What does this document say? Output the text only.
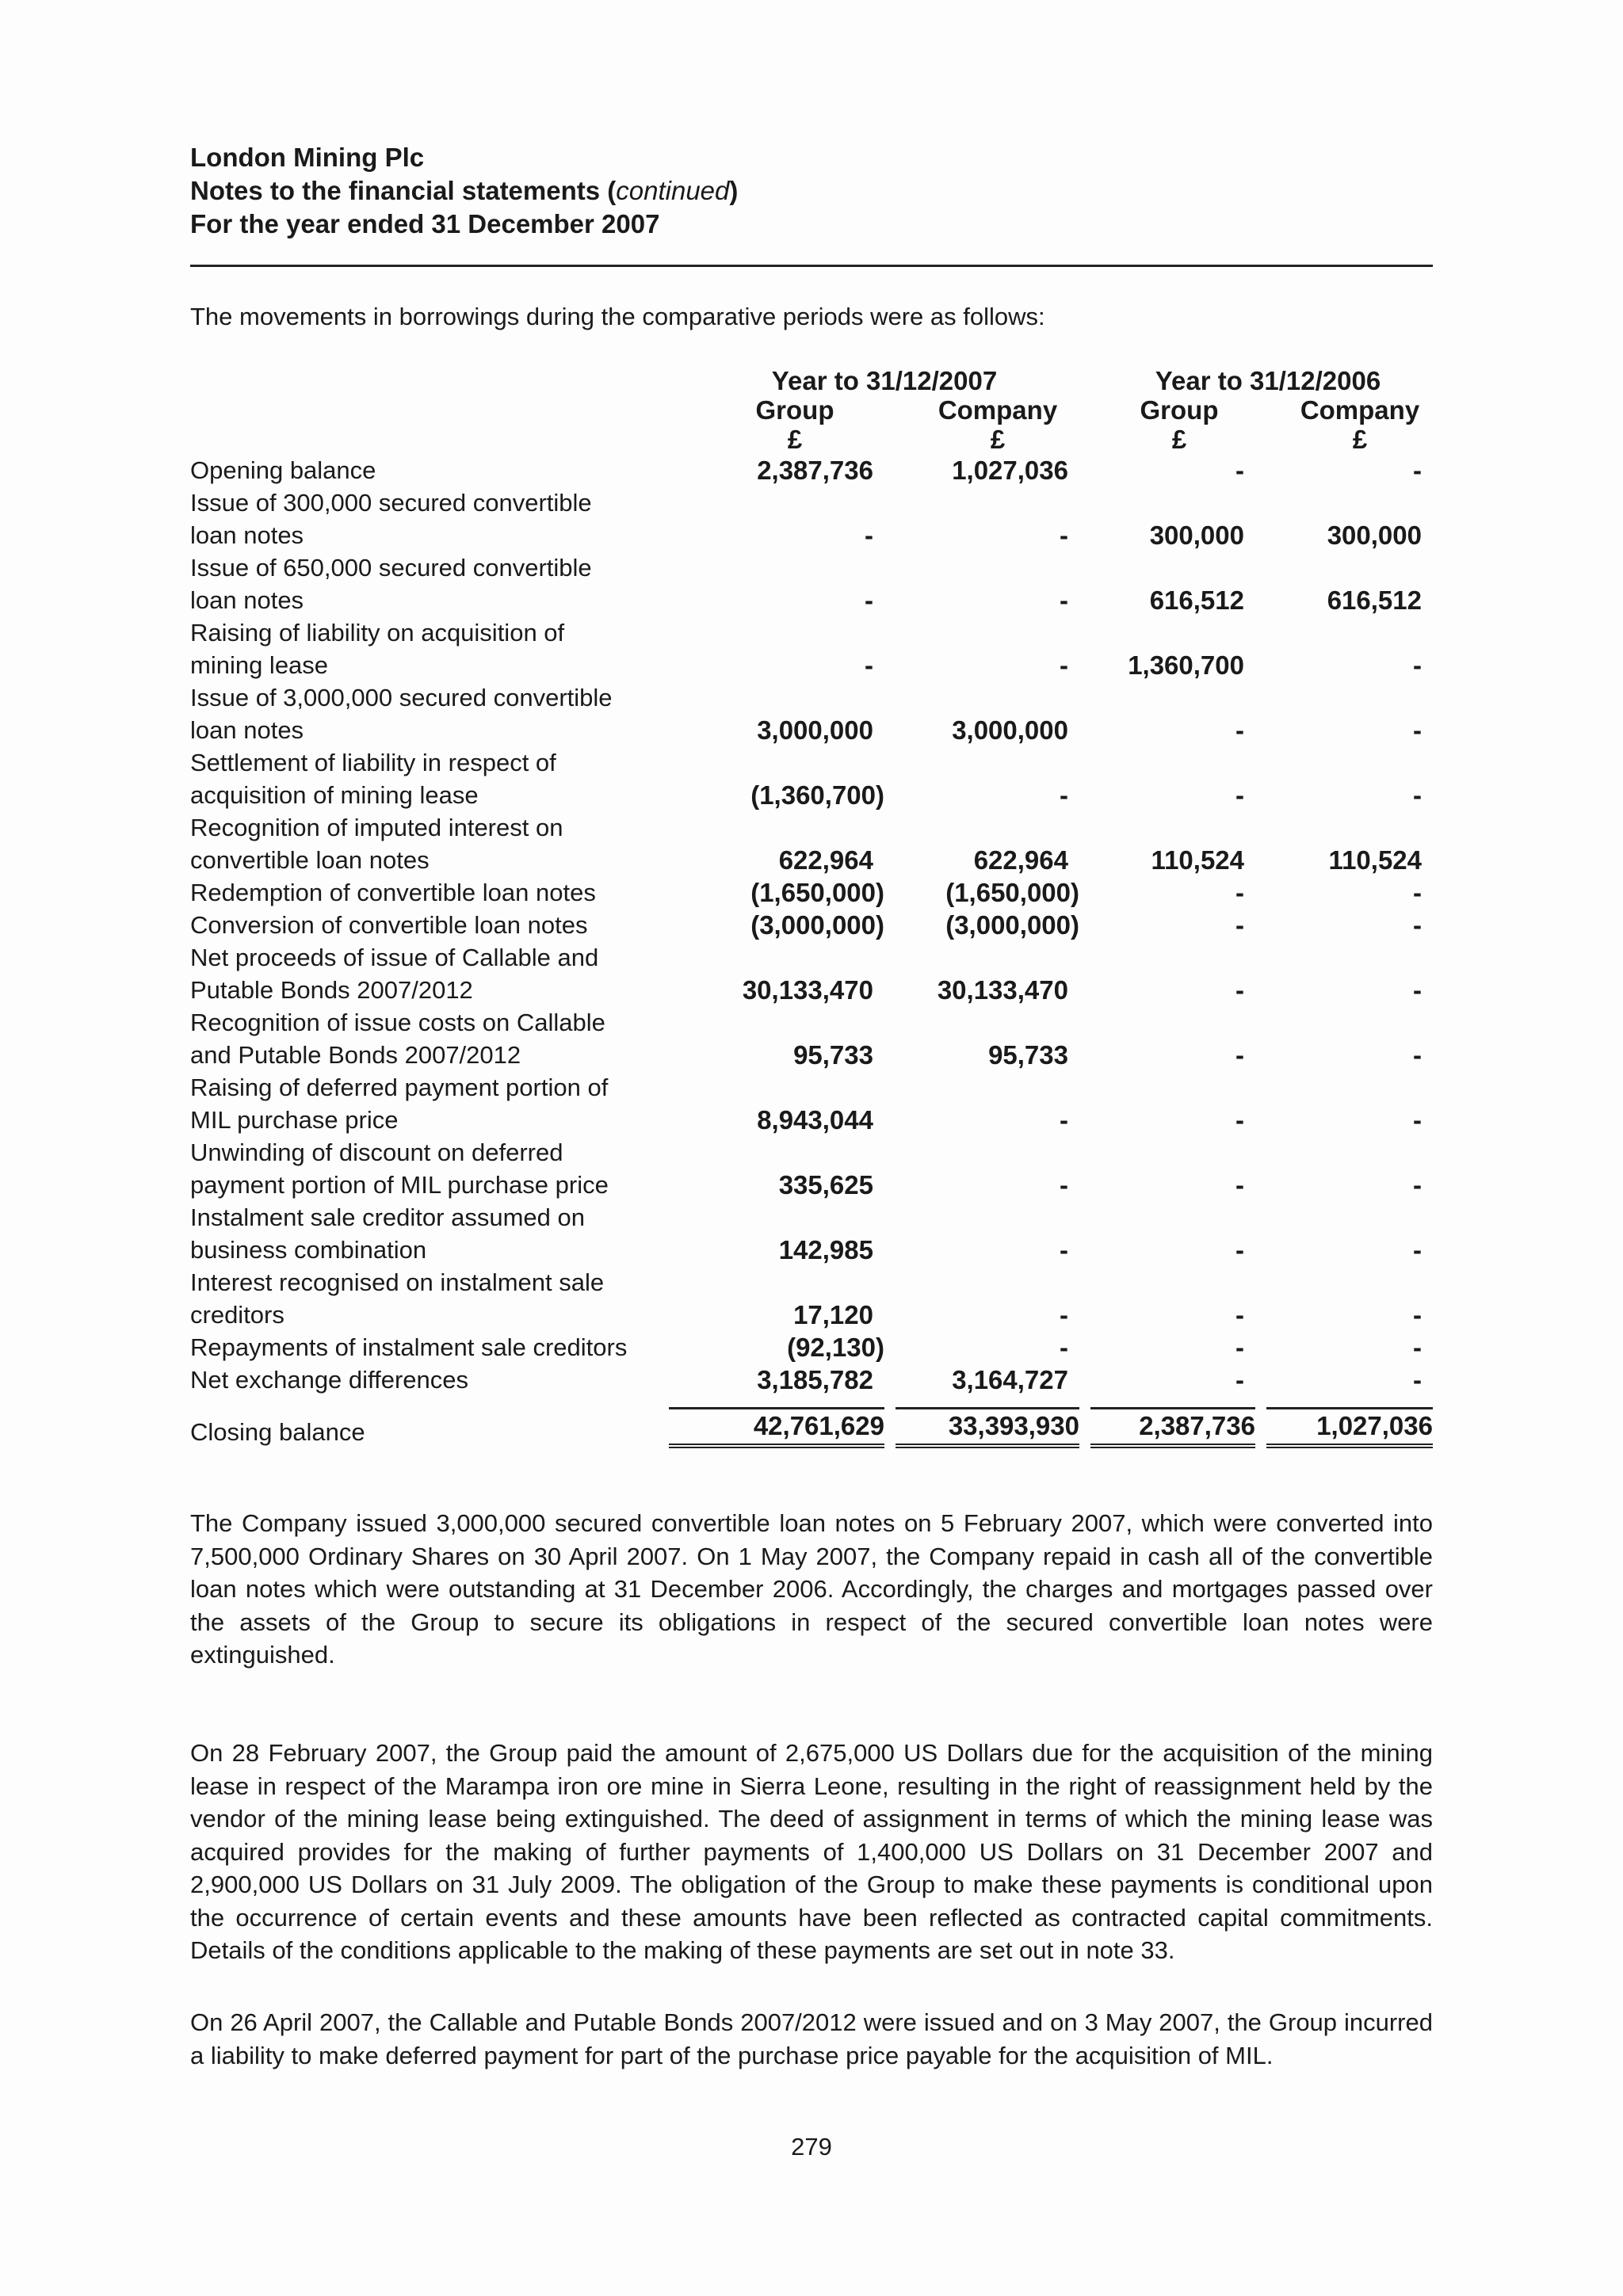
London Mining Plc
Notes to the financial statements (continued)
For the year ended 31 December 2007
The movements in borrowings during the comparative periods were as follows:
	Year to 31/12/2007		Year to 31/12/2006	
	Group	Company	Group	Company
	£	£	£	£
Opening balance	2,387,736	1,027,036	-	-
Issue of 300,000 secured convertible
loan notes	-	-	300,000	300,000
Issue of 650,000 secured convertible
loan notes	-	-	616,512	616,512
Raising of liability on acquisition of
mining lease	-	-	1,360,700	-
Issue of 3,000,000 secured convertible
loan notes	3,000,000	3,000,000	-	-
Settlement of liability in respect of
acquisition of mining lease	(1,360,700)	-	-	-
Recognition of imputed interest on
convertible loan notes	622,964	622,964	110,524	110,524
Redemption of convertible loan notes	(1,650,000)	(1,650,000)	-	-
Conversion of convertible loan notes	(3,000,000)	(3,000,000)	-	-
Net proceeds of issue of Callable and
Putable Bonds 2007/2012	30,133,470	30,133,470	-	-
Recognition of issue costs on Callable
and Putable Bonds 2007/2012	95,733	95,733	-	-
Raising of deferred payment portion of
MIL purchase price	8,943,044	-	-	-
Unwinding of discount on deferred
payment portion of MIL purchase price	335,625	-	-	-
Instalment sale creditor assumed on
business combination	142,985	-	-	-
Interest recognised on instalment sale
creditors	17,120	-	-	-
Repayments of instalment sale creditors	(92,130)	-	-	-
Net exchange differences	3,185,782	3,164,727	-	-
Closing balance	42,761,629	33,393,930	2,387,736	1,027,036
The Company issued 3,000,000 secured convertible loan notes on 5 February 2007, which were converted into 7,500,000 Ordinary Shares on 30 April 2007. On 1 May 2007, the Company repaid in cash all of the convertible loan notes which were outstanding at 31 December 2006. Accordingly, the charges and mortgages passed over the assets of the Group to secure its obligations in respect of the secured convertible loan notes were extinguished.
On 28 February 2007, the Group paid the amount of 2,675,000 US Dollars due for the acquisition of the mining lease in respect of the Marampa iron ore mine in Sierra Leone, resulting in the right of reassignment held by the vendor of the mining lease being extinguished. The deed of assignment in terms of which the mining lease was acquired provides for the making of further payments of 1,400,000 US Dollars on 31 December 2007 and 2,900,000 US Dollars on 31 July 2009. The obligation of the Group to make these payments is conditional upon the occurrence of certain events and these amounts have been reflected as contracted capital commitments. Details of the conditions applicable to the making of these payments are set out in note 33.
On 26 April 2007, the Callable and Putable Bonds 2007/2012 were issued and on 3 May 2007, the Group incurred a liability to make deferred payment for part of the purchase price payable for the acquisition of MIL.
279
